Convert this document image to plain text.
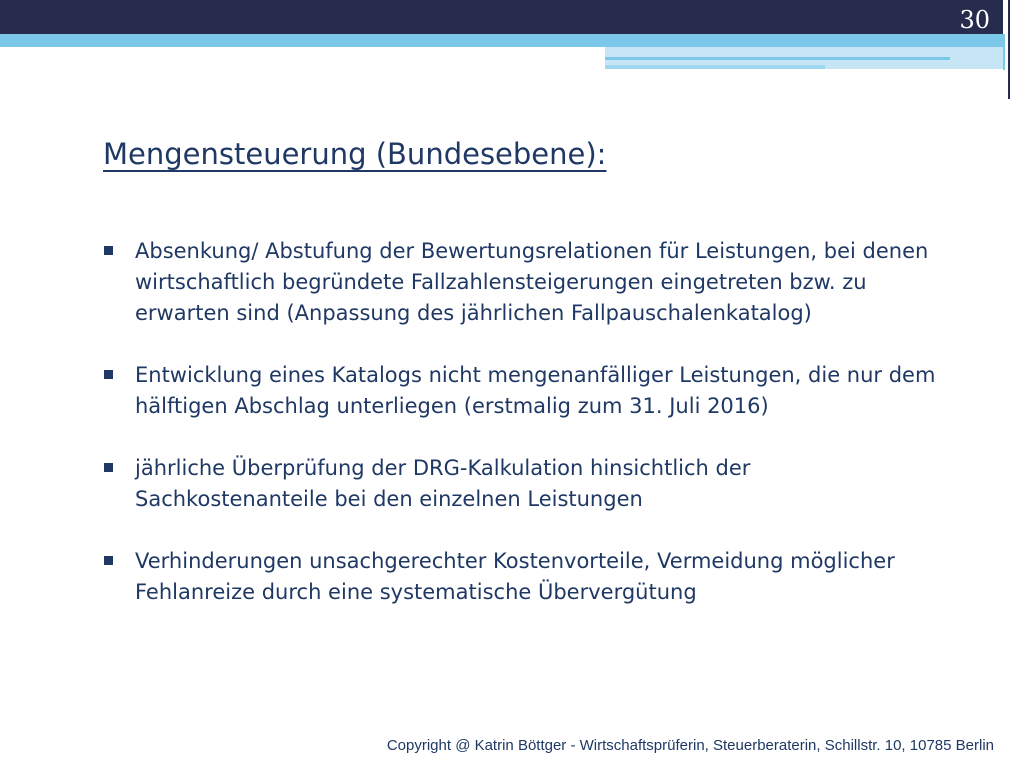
30
Mengensteuerung (Bundesebene):
Absenkung/ Abstufung der Bewertungsrelationen für Leistungen, bei denen wirtschaftlich begründete Fallzahlensteigerungen eingetreten bzw. zu erwarten sind (Anpassung des jährlichen Fallpauschalenkatalog)
Entwicklung eines Katalogs nicht mengenanfälliger Leistungen, die nur dem hälftigen Abschlag unterliegen (erstmalig zum 31. Juli 2016)
jährliche Überprüfung der DRG-Kalkulation hinsichtlich der Sachkostenanteile bei den einzelnen Leistungen
Verhinderungen unsachgerechter Kostenvorteile, Vermeidung möglicher Fehlanreize durch eine systematische Übervergütung
Copyright @ Katrin Böttger - Wirtschaftsprüferin, Steuerberaterin, Schillstr. 10, 10785 Berlin
